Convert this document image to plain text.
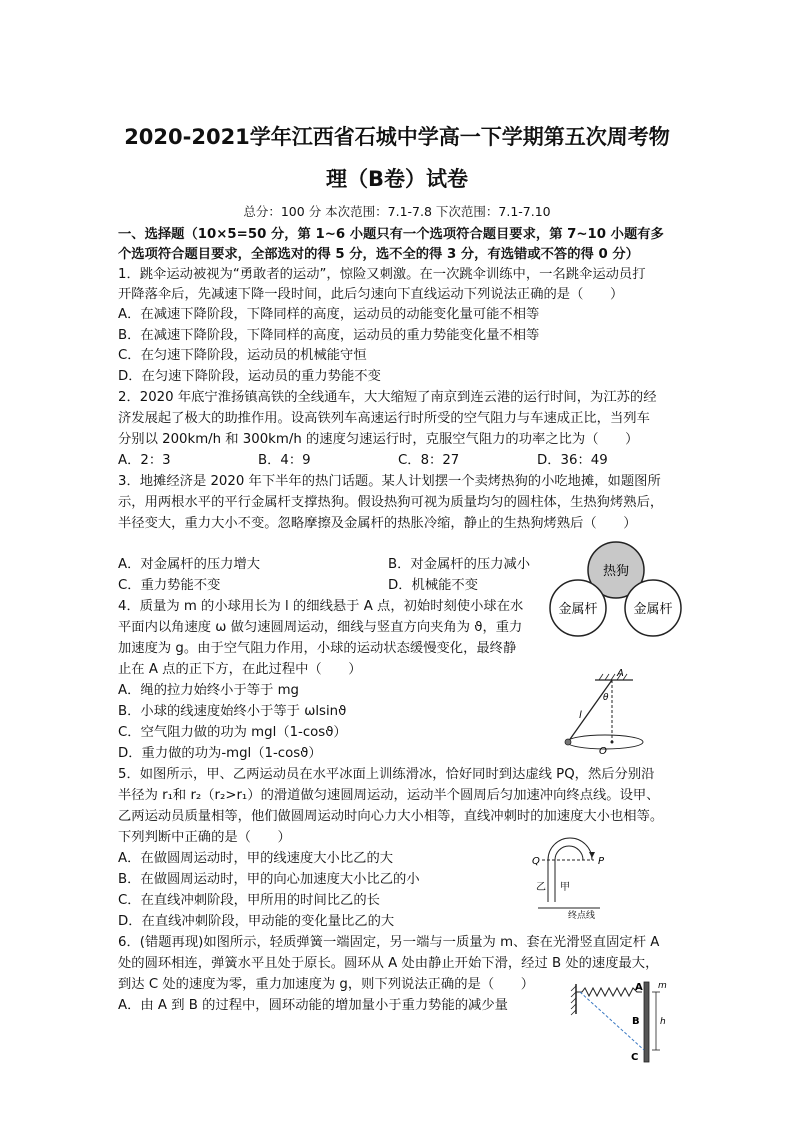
2020-2021学年江西省石城中学高一下学期第五次周考物
理（B卷）试卷
总分：100 分 本次范围：7.1-7.8 下次范围：7.1-7.10
一、选择题（10×5=50 分，第 1~6 小题只有一个选项符合题目要求，第 7~10 小题有多
个选项符合题目要求，全部选对的得 5 分，选不全的得 3 分，有选错或不答的得 0 分）
1．跳伞运动被视为“勇敢者的运动”，惊险又刺激。在一次跳伞训练中，一名跳伞运动员打
开降落伞后，先减速下降一段时间，此后匀速向下直线运动下列说法正确的是（　　）
A．在减速下降阶段，下降同样的高度，运动员的动能变化量可能不相等
B．在减速下降阶段，下降同样的高度，运动员的重力势能变化量不相等
C．在匀速下降阶段，运动员的机械能守恒
D．在匀速下降阶段，运动员的重力势能不变
2．2020 年底宁淮扬镇高铁的全线通车，大大缩短了南京到连云港的运行时间，为江苏的经
济发展起了极大的助推作用。设高铁列车高速运行时所受的空气阻力与车速成正比，当列车
分别以 200km/h 和 300km/h 的速度匀速运行时，克服空气阻力的功率之比为（　　）
A．2：3	B．4：9	C．8：27	D．36：49
3．地摊经济是 2020 年下半年的热门话题。某人计划摆一个卖烤热狗的小吃地摊，如题图所
示，用两根水平的平行金属杆支撑热狗。假设热狗可视为质量均匀的圆柱体，生热狗烤熟后，
半径变大，重力大小不变。忽略摩擦及金属杆的热胀冷缩，静止的生热狗烤熟后（　　）
A．对金属杆的压力增大	B．对金属杆的压力减小
C．重力势能不变	D．机械能不变
热狗
金属杆	金属杆
4．质量为 m 的小球用长为 l 的细线悬于 A 点，初始时刻使小球在水
平面内以角速度 ω 做匀速圆周运动，细线与竖直方向夹角为 ϑ，重力
加速度为 g。由于空气阻力作用，小球的运动状态缓慢变化，最终静
止在 A 点的正下方，在此过程中（　　）
A．绳的拉力始终小于等于 mg
B．小球的线速度始终小于等于 ωlsinϑ
C．空气阻力做的功为 mgl（1-cosϑ）
D．重力做的功为-mgl（1-cosϑ）
A
θ
l
O
5．如图所示，甲、乙两运动员在水平冰面上训练滑冰，恰好同时到达虚线 PQ，然后分别沿
半径为 r₁和 r₂（r₂>r₁）的滑道做匀速圆周运动，运动半个圆周后匀加速冲向终点线。设甲、
乙两运动员质量相等，他们做圆周运动时向心力大小相等，直线冲刺时的加速度大小也相等。
下列判断中正确的是（　　）
A．在做圆周运动时，甲的线速度大小比乙的大
B．在做圆周运动时，甲的向心加速度大小比乙的小
C．在直线冲刺阶段，甲所用的时间比乙的长
D．在直线冲刺阶段，甲动能的变化量比乙的大
Q	P
乙 甲
终点线
6．(错题再现)如图所示，轻质弹簧一端固定，另一端与一质量为 m、套在光滑竖直固定杆 A
处的圆环相连，弹簧水平且处于原长。圆环从 A 处由静止开始下滑，经过 B 处的速度最大，
到达 C 处的速度为零，重力加速度为 g，则下列说法正确的是（　　）
A．由 A 到 B 的过程中，圆环动能的增加量小于重力势能的减少量
A
B
C
m
h
